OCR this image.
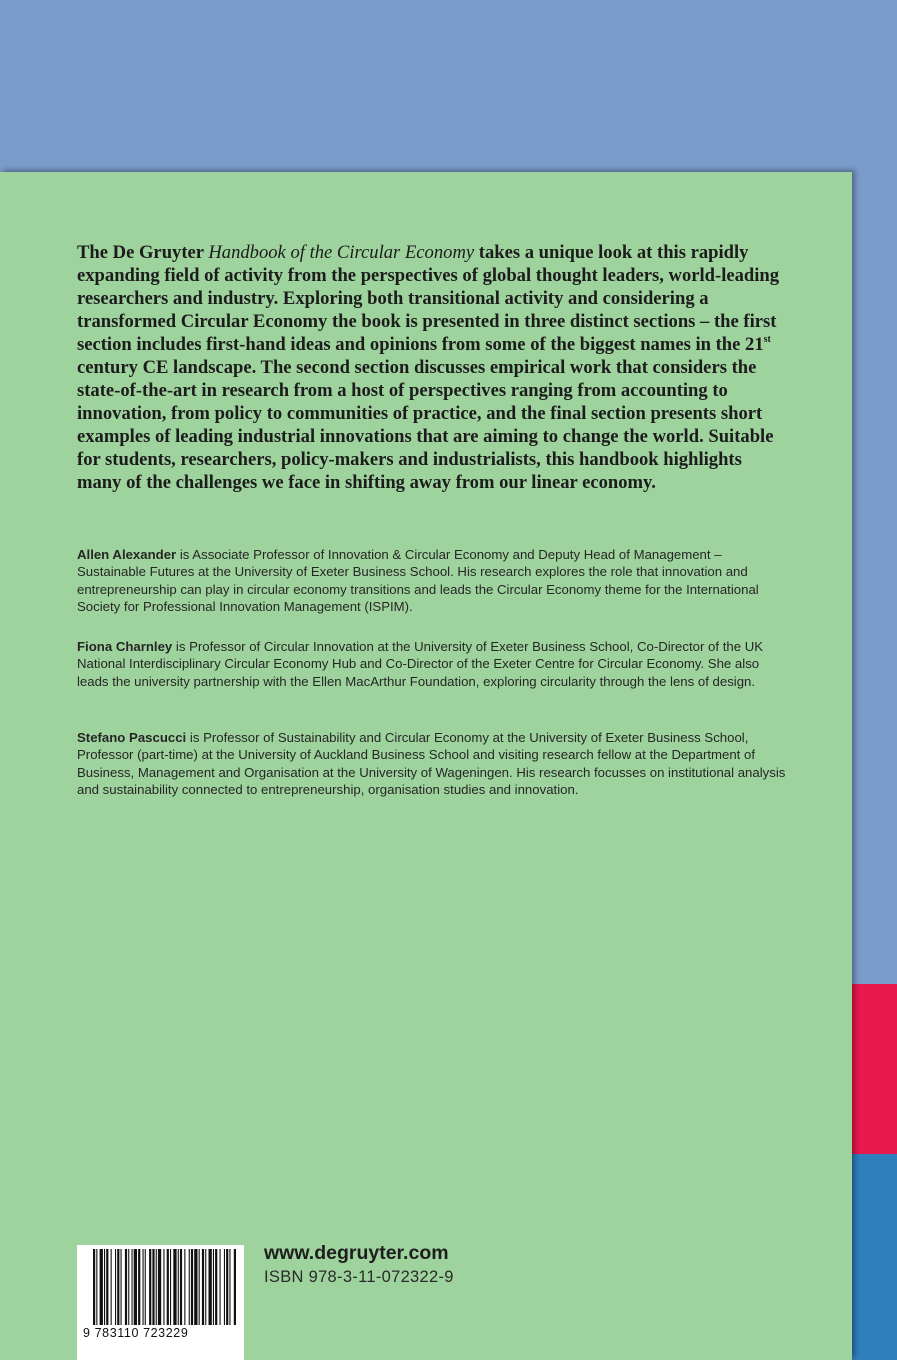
The De Gruyter Handbook of the Circular Economy takes a unique look at this rapidly expanding field of activity from the perspectives of global thought leaders, world-leading researchers and industry. Exploring both transitional activity and considering a transformed Circular Economy the book is presented in three distinct sections – the first section includes first-hand ideas and opinions from some of the biggest names in the 21st century CE landscape. The second section discusses empirical work that considers the state-of-the-art in research from a host of perspectives ranging from accounting to innovation, from policy to communities of practice, and the final section presents short examples of leading industrial innovations that are aiming to change the world. Suitable for students, researchers, policy-makers and industrialists, this handbook highlights many of the challenges we face in shifting away from our linear economy.

Allen Alexander is Associate Professor of Innovation & Circular Economy and Deputy Head of Management – Sustainable Futures at the University of Exeter Business School. His research explores the role that innovation and entrepreneurship can play in circular economy transitions and leads the Circular Economy theme for the International Society for Professional Innovation Management (ISPIM).

Fiona Charnley is Professor of Circular Innovation at the University of Exeter Business School, Co-Director of the UK National Interdisciplinary Circular Economy Hub and Co-Director of the Exeter Centre for Circular Economy. She also leads the university partnership with the Ellen MacArthur Foundation, exploring circularity through the lens of design.

Stefano Pascucci is Professor of Sustainability and Circular Economy at the University of Exeter Business School, Professor (part-time) at the University of Auckland Business School and visiting research fellow at the Department of Business, Management and Organisation at the University of Wageningen. His research focusses on institutional analysis and sustainability connected to entrepreneurship, organisation studies and innovation.

9 783110 723229
www.degruyter.com
ISBN 978-3-11-072322-9
